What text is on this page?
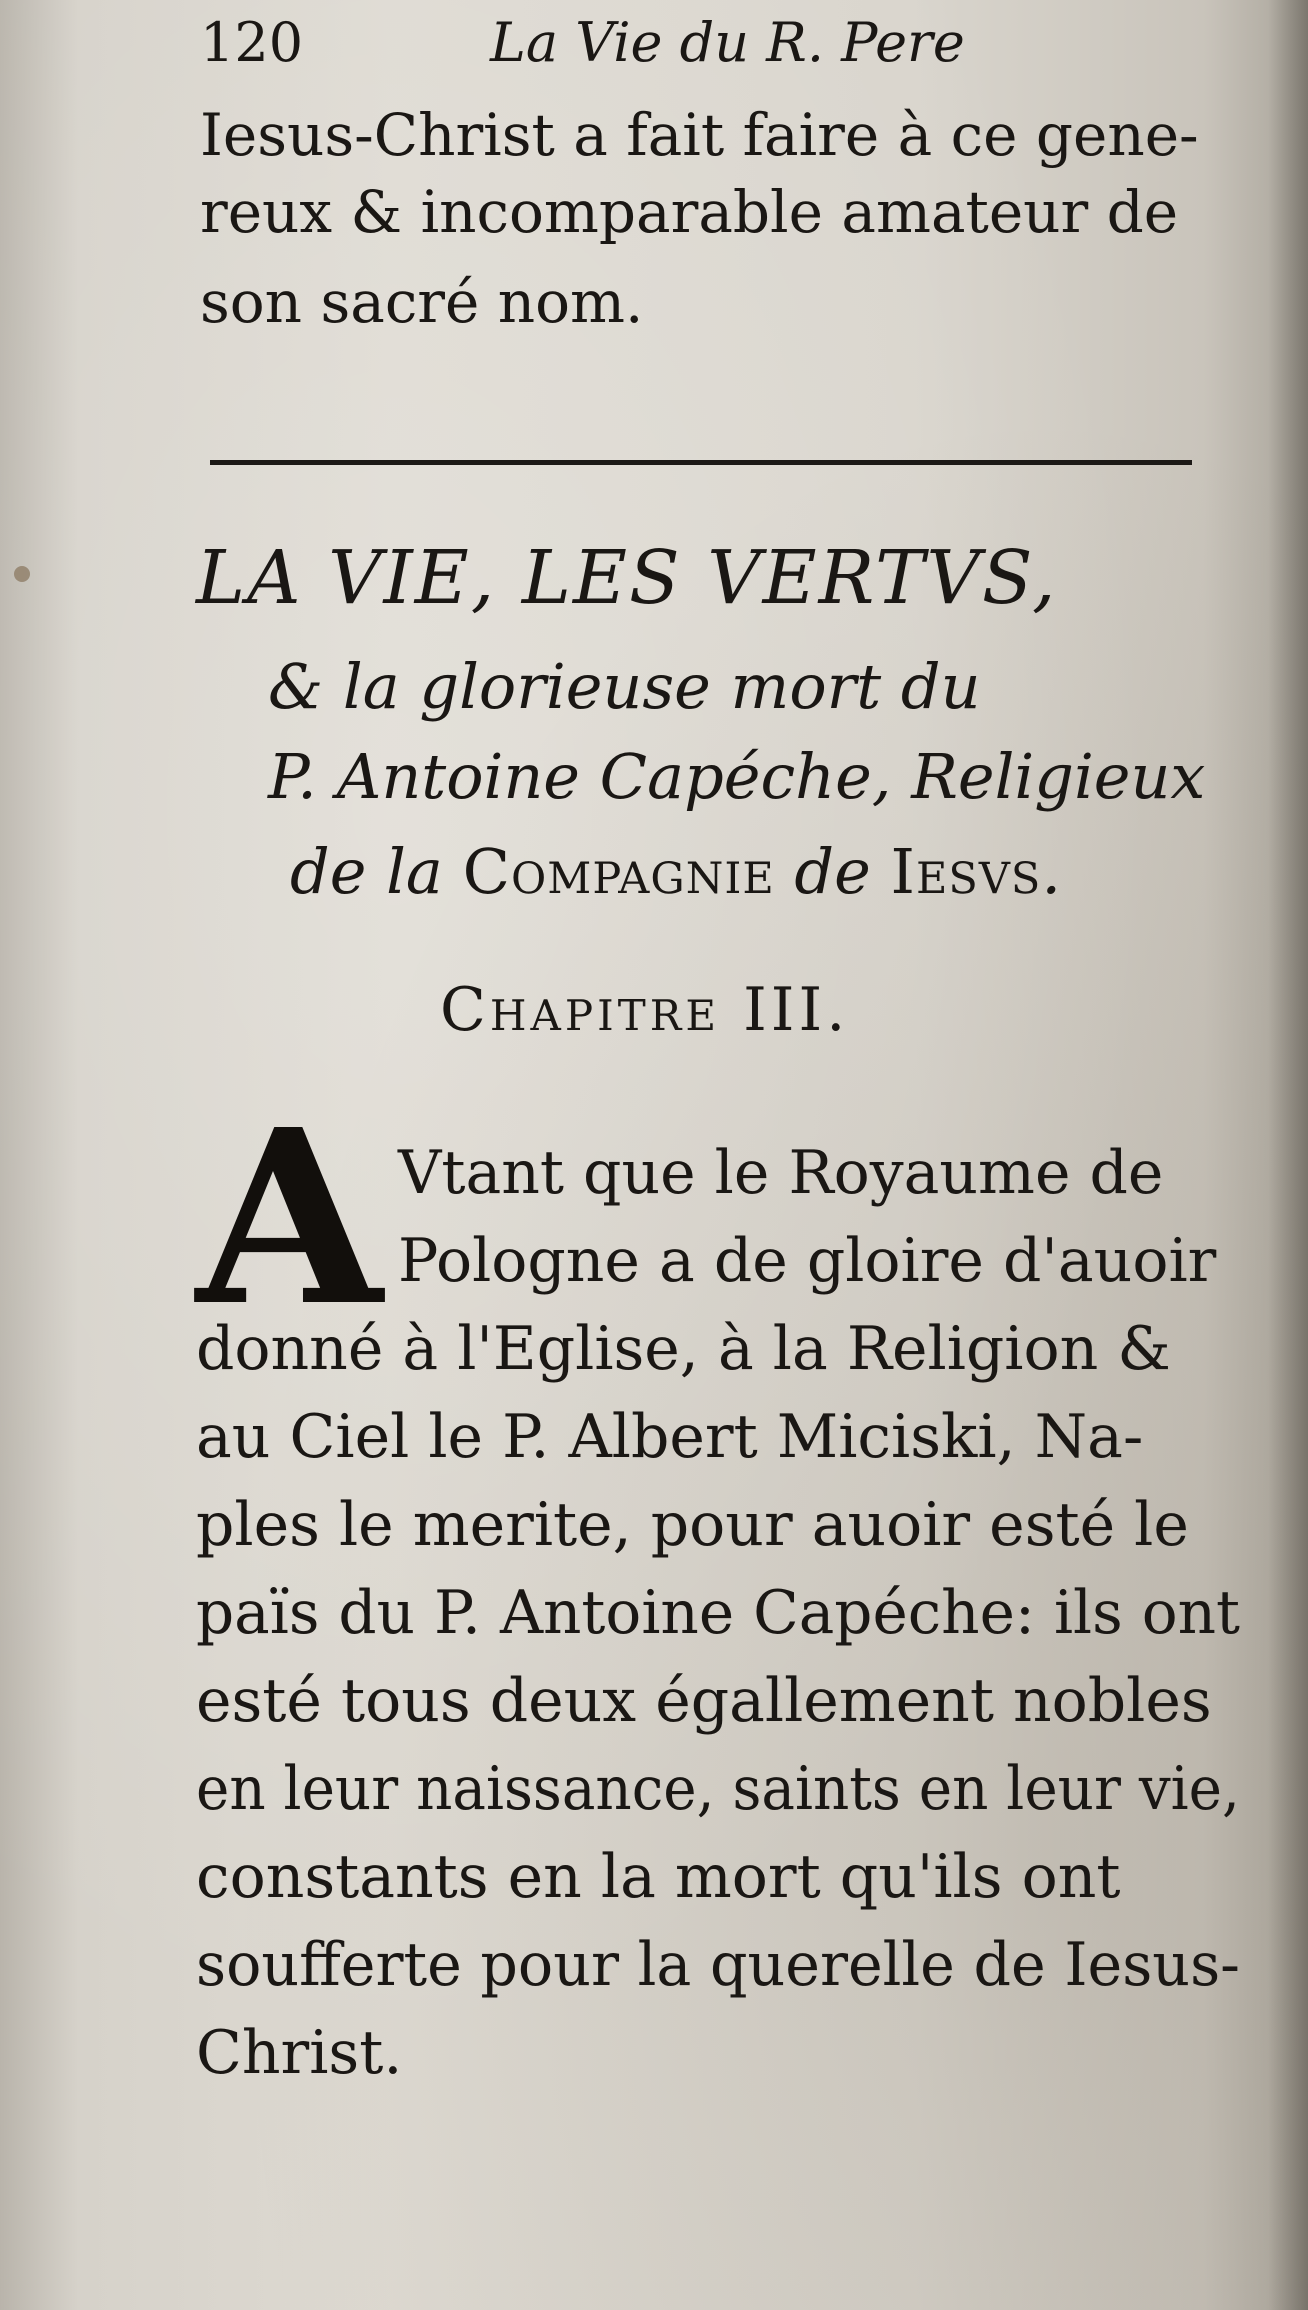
120	La Vie du R. Pere
Iesus-Christ a fait faire à ce gene-
reux & incomparable amateur de
son sacré nom.
LA VIE, LES VERTVS,
& la glorieuse mort du
P. Antoine Capéche, Religieux
de la Compagnie de Iesvs.
Chapitre III.
A Vtant que le Royaume de
Pologne a de gloire d'auoir
donné à l'Eglise, à la Religion &
au Ciel le P. Albert Miciski, Na-
ples le merite, pour auoir esté le
païs du P. Antoine Capéche: ils ont
esté tous deux égallement nobles
en leur naissance, saints en leur vie,
constants en la mort qu'ils ont
soufferte pour la querelle de Iesus-
Christ.
